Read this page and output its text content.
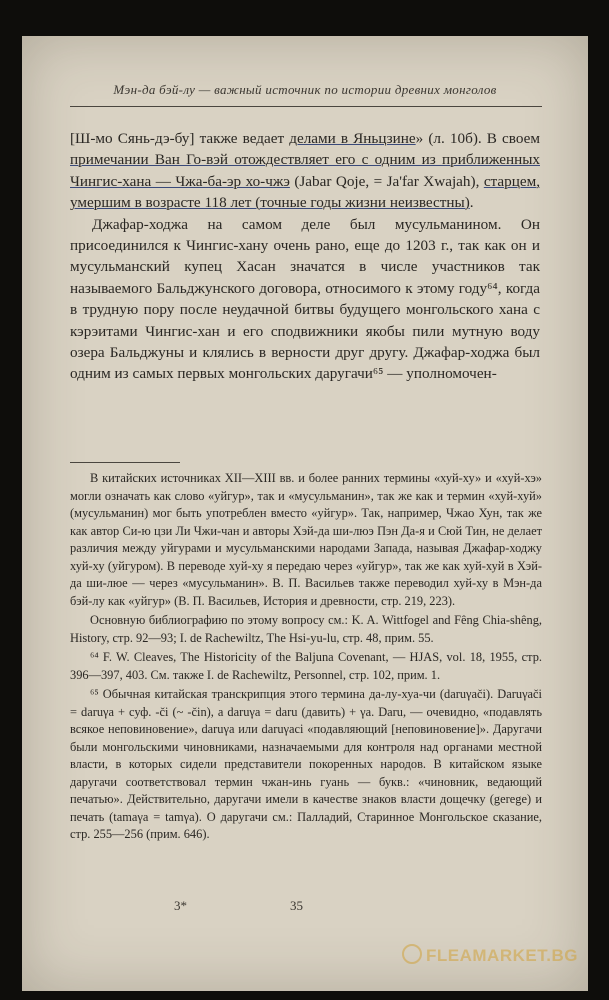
Мэн-да бэй-лу — важный источник по истории древних монголов

[Ш-мо Сянь-дэ-бу] также ведает делами в Яньцзине» (л. 10б). В своем примечании Ван Го-вэй отождествляет его с одним из приближенных Чингис-хана — Чжа-ба-эр хо-чжэ (Jabar Qoje, = Ja'far Xwajah), старцем, умершим в возрасте 118 лет (точные годы жизни неизвестны).

Джафар-ходжа на самом деле был мусульманином. Он присоединился к Чингис-хану очень рано, еще до 1203 г., так как он и мусульманский купец Хасан значатся в числе участников так называемого Бальджунского договора, относимого к этому году⁶⁴, когда в трудную пору после неудачной битвы будущего монгольского хана с кэрэитами Чингис-хан и его сподвижники якобы пили мутную воду озера Бальджуны и клялись в верности друг другу. Джафар-ходжа был одним из самых первых монгольских даругачи⁶⁵ — уполномочен-

В китайских источниках XII—XIII вв. и более ранних термины «хуй-ху» и «хуй-хэ» могли означать как слово «уйгур», так и «мусульманин», так же как и термин «хуй-хуй» (мусульманин) мог быть употреблен вместо «уйгур». Так, например, Чжао Хун, так же как автор Си-ю цзи Ли Чжи-чан и авторы Хэй-да ши-люэ Пэн Да-я и Сюй Тин, не делает различия между уйгурами и мусульманскими народами Запада, называя Джафар-ходжу хуй-ху (уйгуром). В переводе хуй-ху я передаю через «уйгур», так же как хуй-хуй в Хэй-да ши-люе — через «мусульманин». В. П. Васильев также переводил хуй-ху в Мэн-да бэй-лу как «уйгур» (В. П. Васильев, История и древности, стр. 219, 223).

Основную библиографию по этому вопросу см.: K. A. Wittfogel and Fêng Chia-shêng, History, стр. 92—93; I. de Rachewiltz, The Hsi-yu-lu, стр. 48, прим. 55.

⁶⁴ F. W. Cleaves, The Historicity of the Baljuna Covenant, — HJAS, vol. 18, 1955, стр. 396—397, 403. См. также I. de Rachewiltz, Personnel, стр. 102, прим. 1.

⁶⁵ Обычная китайская транскрипция этого термина да-лу-хуа-чи (daruγači). Daruγači = daruγa + суф. -či (~ -čin), a daruγa = daru (давить) + γa. Daru, — очевидно, «подавлять всякое неповиновение», daruγa или daruγaci «подавляющий [неповиновение]». Даругачи были монгольскими чиновниками, назначаемыми для контроля над органами местной власти, в которых сидели представители покоренных народов. В китайском языке даругачи соответствовал термин чжан-инь гуань — букв.: «чиновник, ведающий печатью». Действительно, даругачи имели в качестве знаков власти дощечку (gerege) и печать (tamaγa = tamγa). О даругачи см.: Палладий, Старинное Монгольское сказание, стр. 255—256 (прим. 646).

3*	35
FLEAMARKET.BG
